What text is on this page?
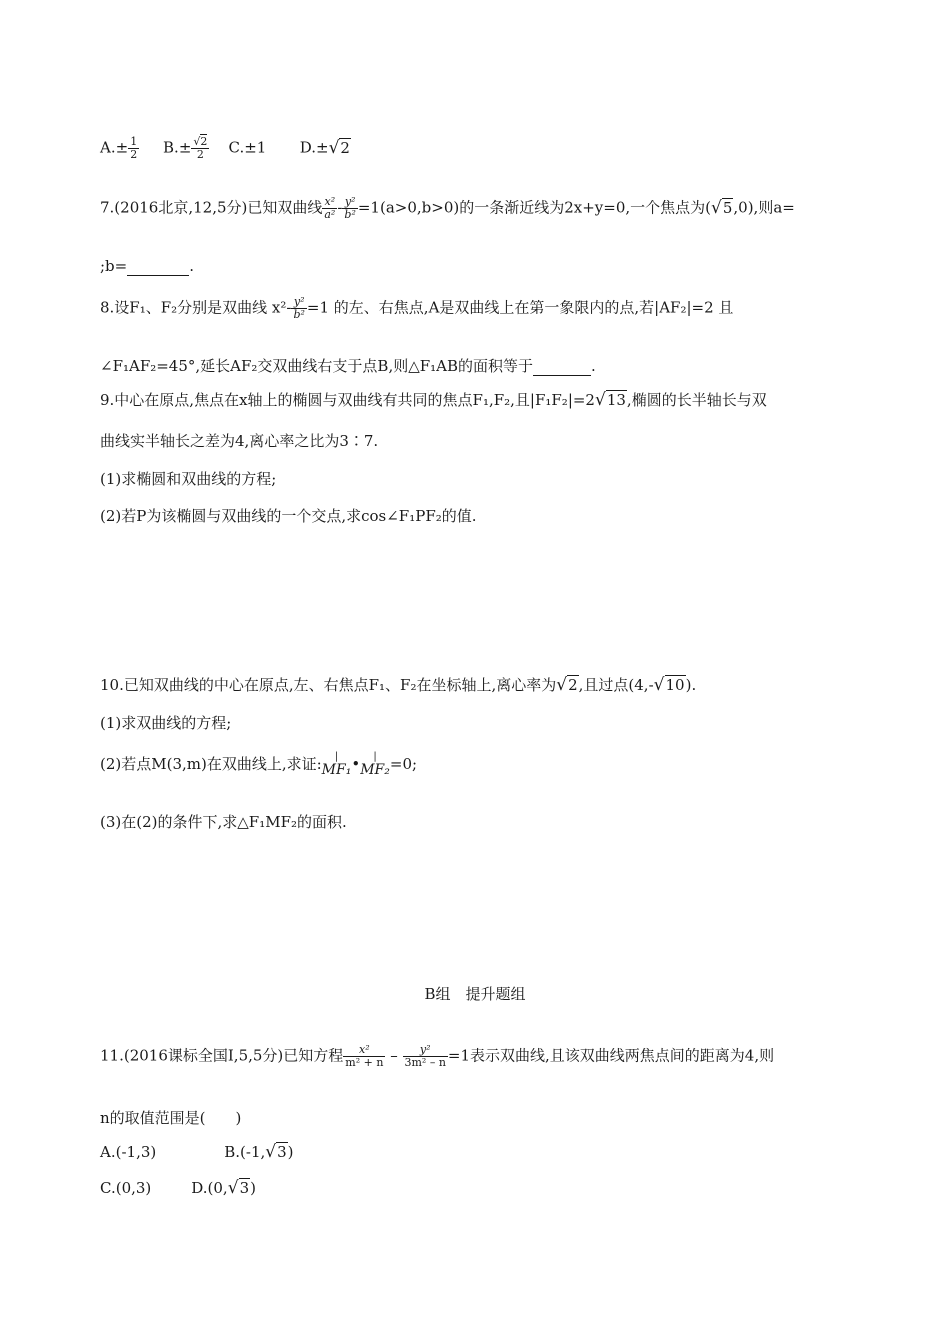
$A.\pm \frac{1}{2} B.\pm \frac{√2}{2} C.\pm 1$ D.±√2
7.(2016北京,12,5分)已知双曲线 $\frac{\text{x²}}{\text{a²}} - \frac{\text{y²}}{\text{b²}} =1(a>0,b>0)$的一条渐近线为2x+y=0,一个焦点为(√5,0),则a=
;b=	.
8.设F₁、F₂分别是双曲线 $x^2- \frac{\text{y²}}{\text{b²}} =1$ 的左、右焦点,A是双曲线上在第一象限内的点,若|AF₂|=2 且
∠F₁AF₂=45°,延长AF₂交双曲线右支于点B,则△F₁AB的面积等于	.
9.中心在原点,焦点在x轴上的椭圆与双曲线有共同的焦点F₁,F₂,且|F₁F₂|=2√13,椭圆的长半轴长与双
曲线实半轴长之差为4,离心率之比为3∶7.
(1)求椭圆和双曲线的方程;
(2)若P为该椭圆与双曲线的一个交点,求cos∠F₁PF₂的值.
10.已知双曲线的中心在原点,左、右焦点F₁、F₂在坐标轴上,离心率为√2,且过点(4,-√10).
(1)求双曲线的方程;
(2)若点M(3,m)在双曲线上,求证:	|
MF₁ •	|
MF₂ =0;
(3)在(2)的条件下,求△F₁MF₂的面积.
B组　提升题组
11.(2016课标全国Ⅰ,5,5分)已知方程 $\frac{\text{x²}}{\text{m² + n}} - \frac{\text{y²}}{\text{3m² – n}} =1$表示双曲线,且该双曲线两焦点间的距离为4,则
n的取值范围是(　　)
A.(-1,3)	B.(-1,√3)
C.(0,3)	D.(0,√3)
